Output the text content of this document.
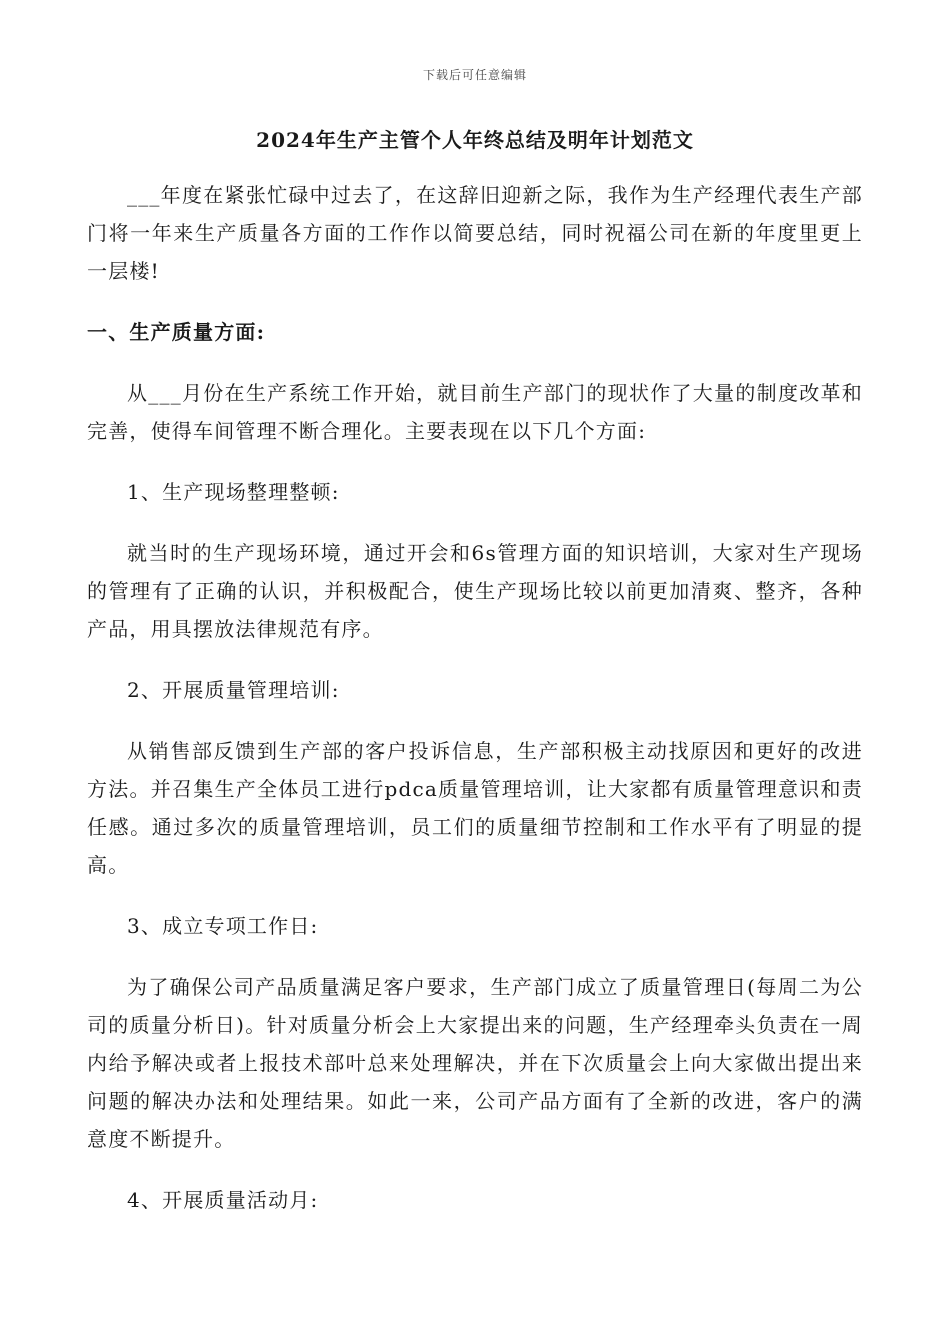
下载后可任意编辑
2024年生产主管个人年终总结及明年计划范文

___年度在紧张忙碌中过去了，在这辞旧迎新之际，我作为生产经理代表生产部门将一年来生产质量各方面的工作作以简要总结，同时祝福公司在新的年度里更上一层楼!

一、生产质量方面:

从___月份在生产系统工作开始，就目前生产部门的现状作了大量的制度改革和完善，使得车间管理不断合理化。主要表现在以下几个方面:

1、生产现场整理整顿:

就当时的生产现场环境，通过开会和6s管理方面的知识培训，大家对生产现场的管理有了正确的认识，并积极配合，使生产现场比较以前更加清爽、整齐，各种产品，用具摆放法律规范有序。

2、开展质量管理培训:

从销售部反馈到生产部的客户投诉信息，生产部积极主动找原因和更好的改进方法。并召集生产全体员工进行pdca质量管理培训，让大家都有质量管理意识和责任感。通过多次的质量管理培训，员工们的质量细节控制和工作水平有了明显的提高。

3、成立专项工作日:

为了确保公司产品质量满足客户要求，生产部门成立了质量管理日(每周二为公司的质量分析日)。针对质量分析会上大家提出来的问题，生产经理牵头负责在一周内给予解决或者上报技术部叶总来处理解决，并在下次质量会上向大家做出提出来问题的解决办法和处理结果。如此一来，公司产品方面有了全新的改进，客户的满意度不断提升。

4、开展质量活动月:
